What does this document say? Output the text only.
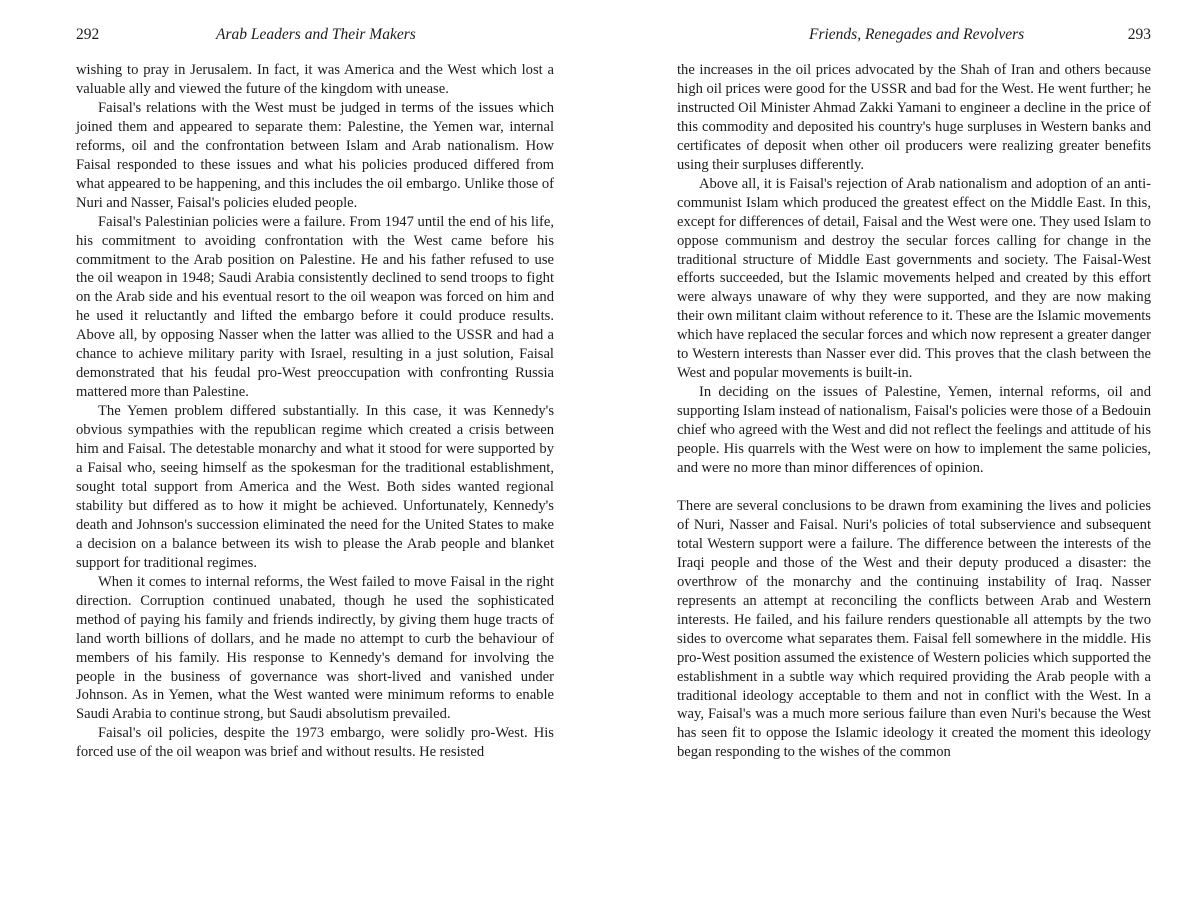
292	Arab Leaders and Their Makers

wishing to pray in Jerusalem. In fact, it was America and the West which lost a valuable ally and viewed the future of the kingdom with unease.

Faisal's relations with the West must be judged in terms of the issues which joined them and appeared to separate them: Palestine, the Yemen war, internal reforms, oil and the confrontation between Islam and Arab nationalism. How Faisal responded to these issues and what his policies produced differed from what appeared to be happening, and this includes the oil embargo. Unlike those of Nuri and Nasser, Faisal's policies eluded people.

Faisal's Palestinian policies were a failure. From 1947 until the end of his life, his commitment to avoiding confrontation with the West came before his commitment to the Arab position on Palestine. He and his father refused to use the oil weapon in 1948; Saudi Arabia consistently declined to send troops to fight on the Arab side and his eventual resort to the oil weapon was forced on him and he used it reluctantly and lifted the embargo before it could produce results. Above all, by opposing Nasser when the latter was allied to the USSR and had a chance to achieve military parity with Israel, resulting in a just solution, Faisal demonstrated that his feudal pro-West preoccupation with confronting Russia mattered more than Palestine.

The Yemen problem differed substantially. In this case, it was Kennedy's obvious sympathies with the republican regime which created a crisis between him and Faisal. The detestable monarchy and what it stood for were supported by a Faisal who, seeing himself as the spokesman for the traditional establishment, sought total support from America and the West. Both sides wanted regional stability but differed as to how it might be achieved. Unfortunately, Kennedy's death and Johnson's succession eliminated the need for the United States to make a decision on a balance between its wish to please the Arab people and blanket support for traditional regimes.

When it comes to internal reforms, the West failed to move Faisal in the right direction. Corruption continued unabated, though he used the sophisticated method of paying his family and friends indirectly, by giving them huge tracts of land worth billions of dollars, and he made no attempt to curb the behaviour of members of his family. His response to Kennedy's demand for involving the people in the business of governance was short-lived and vanished under Johnson. As in Yemen, what the West wanted were minimum reforms to enable Saudi Arabia to continue strong, but Saudi absolutism prevailed.

Faisal's oil policies, despite the 1973 embargo, were solidly pro-West. His forced use of the oil weapon was brief and without results. He resisted

Friends, Renegades and Revolvers	293

the increases in the oil prices advocated by the Shah of Iran and others because high oil prices were good for the USSR and bad for the West. He went further; he instructed Oil Minister Ahmad Zakki Yamani to engineer a decline in the price of this commodity and deposited his country's huge surpluses in Western banks and certificates of deposit when other oil producers were realizing greater benefits using their surpluses differently.

Above all, it is Faisal's rejection of Arab nationalism and adoption of an anti-communist Islam which produced the greatest effect on the Middle East. In this, except for differences of detail, Faisal and the West were one. They used Islam to oppose communism and destroy the secular forces calling for change in the traditional structure of Middle East governments and society. The Faisal-West efforts succeeded, but the Islamic movements helped and created by this effort were always unaware of why they were supported, and they are now making their own militant claim without reference to it. These are the Islamic movements which have replaced the secular forces and which now represent a greater danger to Western interests than Nasser ever did. This proves that the clash between the West and popular movements is built-in.

In deciding on the issues of Palestine, Yemen, internal reforms, oil and supporting Islam instead of nationalism, Faisal's policies were those of a Bedouin chief who agreed with the West and did not reflect the feelings and attitude of his people. His quarrels with the West were on how to implement the same policies, and were no more than minor differences of opinion.

There are several conclusions to be drawn from examining the lives and policies of Nuri, Nasser and Faisal. Nuri's policies of total subservience and subsequent total Western support were a failure. The difference between the interests of the Iraqi people and those of the West and their deputy produced a disaster: the overthrow of the monarchy and the continuing instability of Iraq. Nasser represents an attempt at reconciling the conflicts between Arab and Western interests. He failed, and his failure renders questionable all attempts by the two sides to overcome what separates them. Faisal fell somewhere in the middle. His pro-West position assumed the existence of Western policies which supported the establishment in a subtle way which required providing the Arab people with a traditional ideology acceptable to them and not in conflict with the West. In a way, Faisal's was a much more serious failure than even Nuri's because the West has seen fit to oppose the Islamic ideology it created the moment this ideology began responding to the wishes of the common
